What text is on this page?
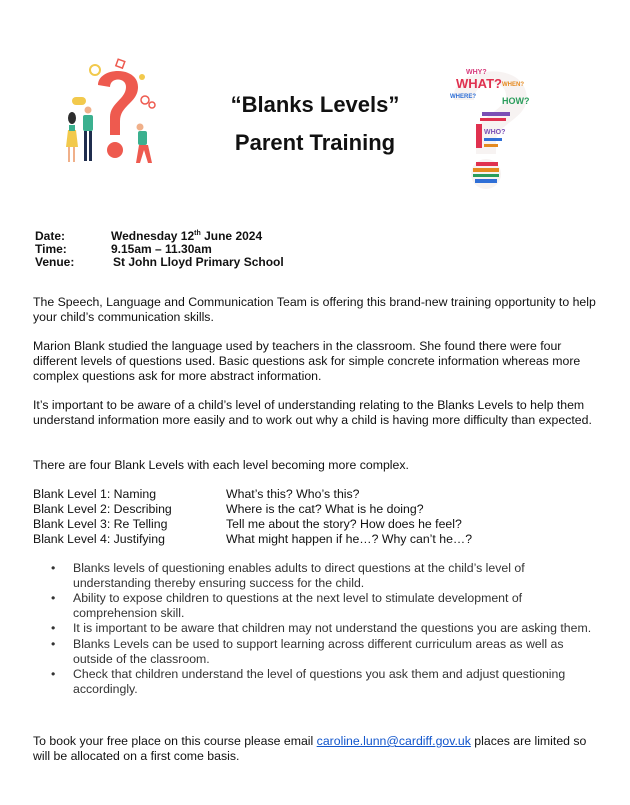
WHY?
WHAT? WHEN?
HOW?
WHERE?
WHO?
“Blanks Levels”
Parent Training
Date:	Wednesday 12th June 2024
Time:	9.15am – 11.30am
Venue:	St John Lloyd Primary School
The Speech, Language and Communication Team is offering this brand-new training opportunity to help your child’s communication skills.
Marion Blank studied the language used by teachers in the classroom. She found there were four different levels of questions used. Basic questions ask for simple concrete information whereas more complex questions ask for more abstract information.
It’s important to be aware of a child’s level of understanding relating to the Blanks Levels to help them understand information more easily and to work out why a child is having more difficulty than expected.
There are four Blank Levels with each level becoming more complex.
Blank Level 1: Naming	What’s this? Who’s this?
Blank Level 2: Describing	Where is the cat? What is he doing?
Blank Level 3: Re Telling	Tell me about the story? How does he feel?
Blank Level 4: Justifying	What might happen if he…? Why can’t he…?
• Blanks levels of questioning enables adults to direct questions at the child’s level of understanding thereby ensuring success for the child.
• Ability to expose children to questions at the next level to stimulate development of comprehension skill.
• It is important to be aware that children may not understand the questions you are asking them.
• Blanks Levels can be used to support learning across different curriculum areas as well as outside of the classroom.
• Check that children understand the level of questions you ask them and adjust questioning accordingly.
To book your free place on this course please email caroline.lunn@cardiff.gov.uk places are limited so will be allocated on a first come basis.
